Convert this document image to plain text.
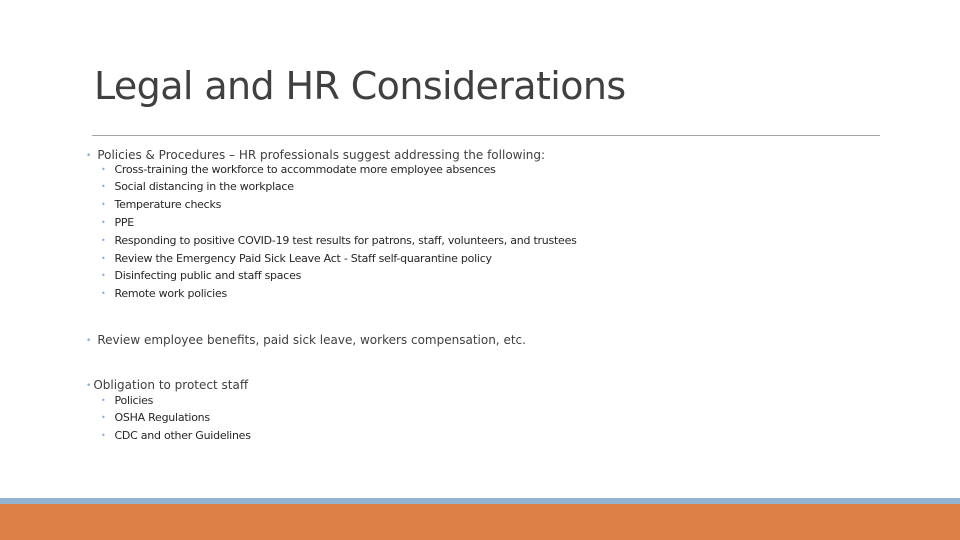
Legal and HR Considerations
• Policies & Procedures – HR professionals suggest addressing the following:
• Cross-training the workforce to accommodate more employee absences
• Social distancing in the workplace
• Temperature checks
• PPE
• Responding to positive COVID-19 test results for patrons, staff, volunteers, and trustees
• Review the Emergency Paid Sick Leave Act - Staff self-quarantine policy
• Disinfecting public and staff spaces
• Remote work policies
• Review employee benefits, paid sick leave, workers compensation, etc.
• Obligation to protect staff
• Policies
• OSHA Regulations
• CDC and other Guidelines
